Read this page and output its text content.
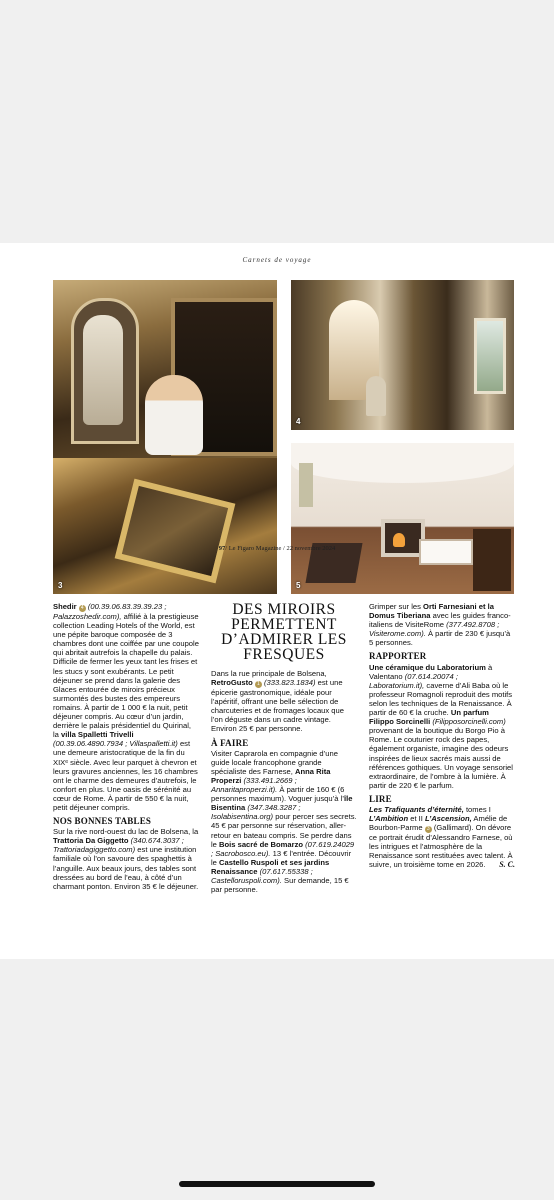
Carnets de voyage
3
4
5

Shedir 4 (00.39.06.83.39.39.23 ; Palazzoshedir.com), affilié à la prestigieuse collection Leading Hotels of the World, est une pépite baroque composée de 3 chambres dont une coiffée par une coupole qui abritait autrefois la chapelle du palais. Difficile de fermer les yeux tant les frises et les stucs y sont exubérants. Le petit déjeuner se prend dans la galerie des Glaces entourée de miroirs précieux surmontés des bustes des empereurs romains. À partir de 1 000 € la nuit, petit déjeuner compris. Au cœur d’un jardin, derrière le palais présidentiel du Quirinal, la villa Spalletti Trivelli (00.39.06.4890.7934 ; Villaspalletti.it) est une demeure aristocratique de la fin du XIXᵉ siècle. Avec leur parquet à chevron et leurs gravures anciennes, les 16 chambres ont le charme des demeures d’autrefois, le confort en plus. Une oasis de sérénité au cœur de Rome. À partir de 550 € la nuit, petit déjeuner compris.

NOS BONNES TABLES

Sur la rive nord-ouest du lac de Bolsena, la Trattoria Da Giggetto (340.674.3037 ; Trattoriadagiggetto.com) est une institution familiale où l’on savoure des spaghettis à l’anguille. Aux beaux jours, des tables sont dressées au bord de l’eau, à côté d’un charmant ponton. Environ 35 € le déjeuner.

DES MIROIRS PERMETTENT D’ADMIRER LES FRESQUES

Dans la rue principale de Bolsena, RetroGusto 1 (333.823.1834) est une épicerie gastronomique, idéale pour l’apéritif, offrant une belle sélection de charcuteries et de fromages locaux que l’on déguste dans un cadre vintage. Environ 25 € par personne.

À FAIRE

Visiter Caprarola en compagnie d’une guide locale francophone grande spécialiste des Farnese, Anna Rita Properzi (333.491.2669 ; Annaritaproperzi.it). À partir de 160 € (6 personnes maximum). Voguer jusqu’à l’île Bisentina (347.348.3287 ; Isolabisentina.org) pour percer ses secrets. 45 € par personne sur réservation, aller-retour en bateau compris. Se perdre dans le Bois sacré de Bomarzo (07.619.24029 ; Sacrobosco.eu). 13 € l’entrée. Découvrir le Castello Ruspoli et ses jardins Renaissance (07.617.55338 ; Castelloruspoli.com). Sur demande, 15 € par personne.

Grimper sur les Orti Farnesiani et la Domus Tiberiana avec les guides franco-italiens de VisiteRome (377.492.8708 ; Visiterome.com). À partir de 230 € jusqu’à 5 personnes.

RAPPORTER

Une céramique du Laboratorium à Valentano (07.614.20074 ; Laboratorium.it), caverne d’Ali Baba où le professeur Romagnoli reproduit des motifs selon les techniques de la Renaissance. À partir de 60 € la cruche. Un parfum Filippo Sorcinelli (Filipposorcinelli.com) provenant de la boutique du Borgo Pio à Rome. Le couturier rock des papes, également organiste, imagine des odeurs inspirées de lieux sacrés mais aussi de références gothiques. Un voyage sensoriel extraordinaire, de l’ombre à la lumière. À partir de 220 € le parfum.

LIRE

Les Trafiquants d’éternité, tomes I L’Ambition et II L’Ascension, Amélie de Bourbon-Parme 3 (Gallimard). On dévore ce portrait érudit d’Alessandro Farnese, où les intrigues et l’atmosphère de la Renaissance sont restituées avec talent. À suivre, un troisième tome en 2026. S. C.

97/ Le Figaro Magazine / 22 novembre 2024
